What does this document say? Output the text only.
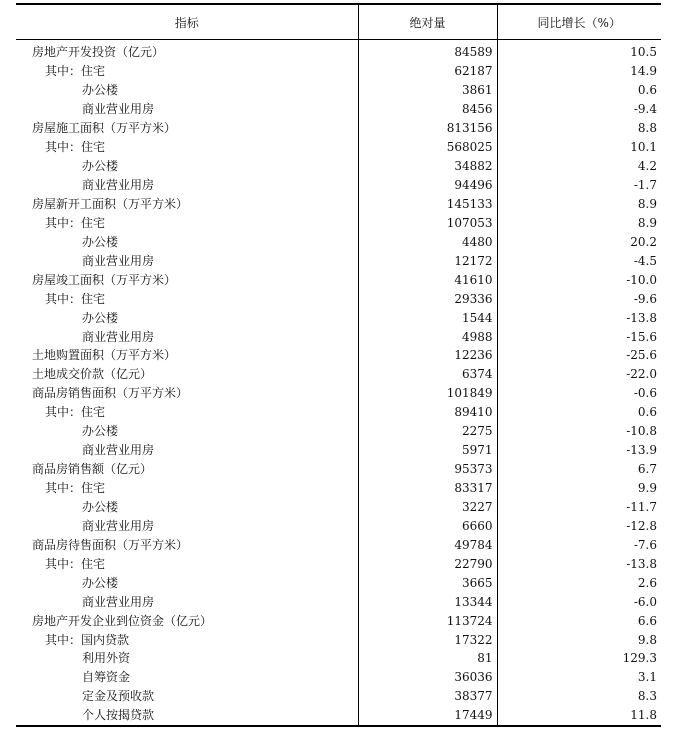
指标	绝对量	同比增长（%）
房地产开发投资（亿元）	84589	10.5
其中：住宅	62187	14.9
办公楼	3861	0.6
商业营业用房	8456	-9.4
房屋施工面积（万平方米）	813156	8.8
其中：住宅	568025	10.1
办公楼	34882	4.2
商业营业用房	94496	-1.7
房屋新开工面积（万平方米）	145133	8.9
其中：住宅	107053	8.9
办公楼	4480	20.2
商业营业用房	12172	-4.5
房屋竣工面积（万平方米）	41610	-10.0
其中：住宅	29336	-9.6
办公楼	1544	-13.8
商业营业用房	4988	-15.6
土地购置面积（万平方米）	12236	-25.6
土地成交价款（亿元）	6374	-22.0
商品房销售面积（万平方米）	101849	-0.6
其中：住宅	89410	0.6
办公楼	2275	-10.8
商业营业用房	5971	-13.9
商品房销售额（亿元）	95373	6.7
其中：住宅	83317	9.9
办公楼	3227	-11.7
商业营业用房	6660	-12.8
商品房待售面积（万平方米）	49784	-7.6
其中：住宅	22790	-13.8
办公楼	3665	2.6
商业营业用房	13344	-6.0
房地产开发企业到位资金（亿元）	113724	6.6
其中：国内贷款	17322	9.8
利用外资	81	129.3
自筹资金	36036	3.1
定金及预收款	38377	8.3
个人按揭贷款	17449	11.8
